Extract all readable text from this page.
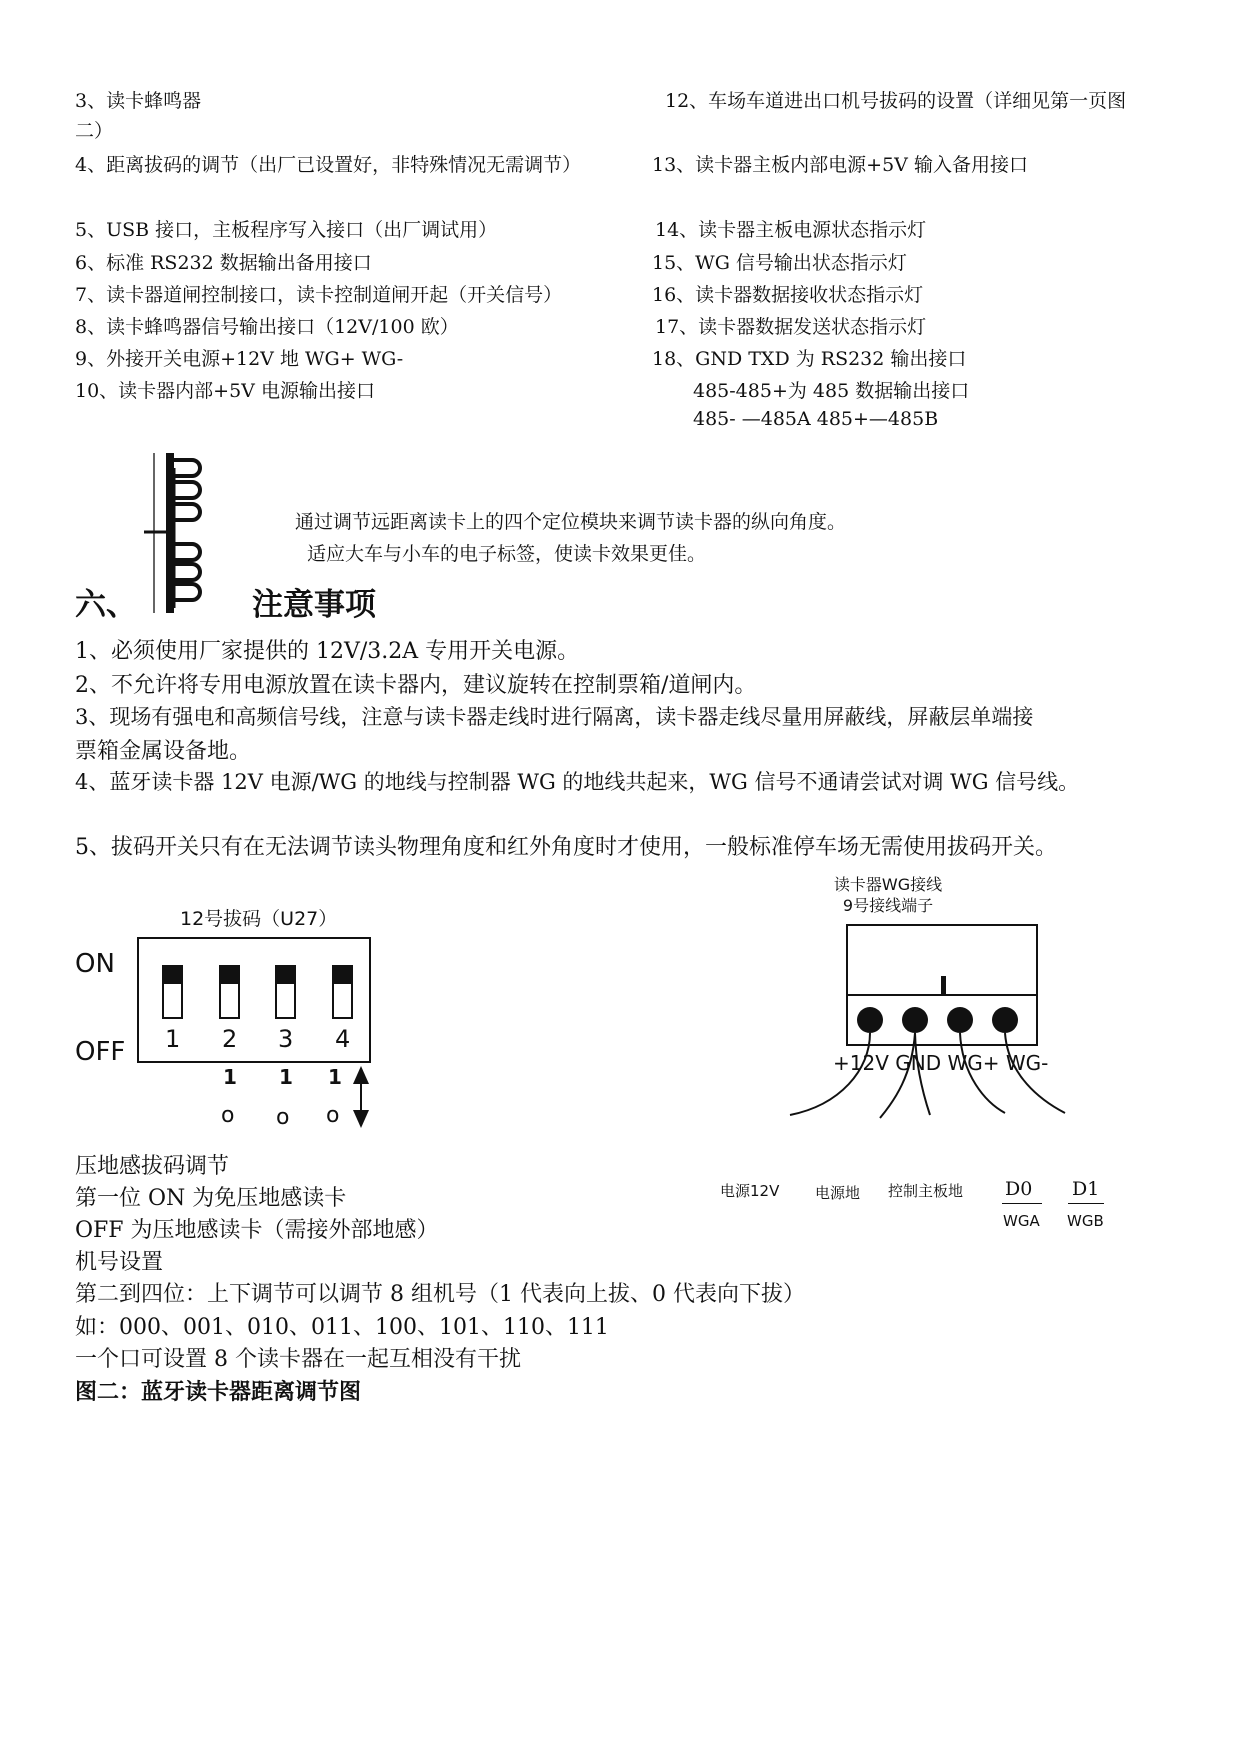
3、读卡蜂鸣器	12、车场车道进出口机号拔码的设置（详细见第一页图
二）
4、距离拔码的调节（出厂已设置好，非特殊情况无需调节）	13、读卡器主板内部电源+5V 输入备用接口
5、USB 接口，主板程序写入接口（出厂调试用）	14、读卡器主板电源状态指示灯
6、标准 RS232 数据输出备用接口	15、WG 信号输出状态指示灯
7、读卡器道闸控制接口，读卡控制道闸开起（开关信号）	16、读卡器数据接收状态指示灯
8、读卡蜂鸣器信号输出接口（12V/100 欧）	17、读卡器数据发送状态指示灯
9、外接开关电源+12V 地 WG+ WG-	18、GND TXD 为 RS232 输出接口
10、读卡器内部+5V 电源输出接口	485-485+为 485 数据输出接口
485- —485A 485+—485B
通过调节远距离读卡上的四个定位模块来调节读卡器的纵向角度。
适应大车与小车的电子标签，使读卡效果更佳。
六、	注意事项
1、必须使用厂家提供的 12V/3.2A 专用开关电源。
2、不允许将专用电源放置在读卡器内，建议旋转在控制票箱/道闸内。
3、现场有强电和高频信号线，注意与读卡器走线时进行隔离，读卡器走线尽量用屏蔽线，屏蔽层单端接
票箱金属设备地。
4、蓝牙读卡器 12V 电源/WG 的地线与控制器 WG 的地线共起来，WG 信号不通请尝试对调 WG 信号线。
5、拔码开关只有在无法调节读头物理角度和红外角度时才使用，一般标准停车场无需使用拔码开关。
12号拔码（U27）
ON
OFF 1 2 3 4
1 1 1
o o o
读卡器WG接线
9号接线端子
+12V GND WG+ WG-
电源12V 电源地 控制主板地 D0 D1
WGA WGB
压地感拔码调节
第一位 ON 为免压地感读卡
OFF 为压地感读卡（需接外部地感）
机号设置
第二到四位：上下调节可以调节 8 组机号（1 代表向上拔、0 代表向下拔）
如：000、001、010、011、100、101、110、111
一个口可设置 8 个读卡器在一起互相没有干扰
图二：蓝牙读卡器距离调节图
